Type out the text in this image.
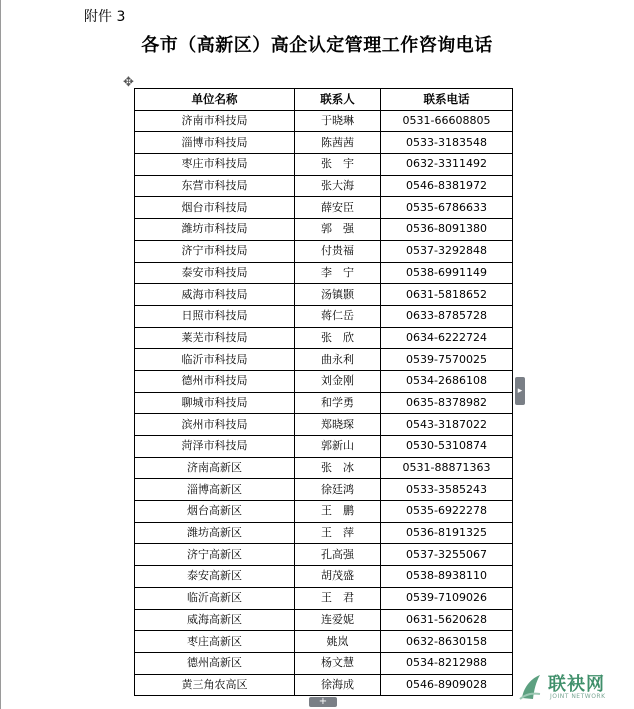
附件 3
各市（高新区）高企认定管理工作咨询电话
✥
单位名称	联系人	联系电话
济南市科技局	于晓琳	0531-66608805
淄博市科技局	陈茜茜	0533-3183548
枣庄市科技局	张　宇	0632-3311492
东营市科技局	张大海	0546-8381972
烟台市科技局	薛安臣	0535-6786633
潍坊市科技局	郭　强	0536-8091380
济宁市科技局	付贵福	0537-3292848
泰安市科技局	李　宁	0538-6991149
威海市科技局	汤镇颢	0631-5818652
日照市科技局	蒋仁岳	0633-8785728
莱芜市科技局	张　欣	0634-6222724
临沂市科技局	曲永利	0539-7570025
德州市科技局	刘金刚	0534-2686108
聊城市科技局	和学勇	0635-8378982
滨州市科技局	郑晓琛	0543-3187022
菏泽市科技局	郭新山	0530-5310874
济南高新区	张　冰	0531-88871363
淄博高新区	徐廷鸿	0533-3585243
烟台高新区	王　鹏	0535-6922278
潍坊高新区	王　萍	0536-8191325
济宁高新区	孔高强	0537-3255067
泰安高新区	胡茂盛	0538-8938110
临沂高新区	王　君	0539-7109026
威海高新区	连爱妮	0631-5620628
枣庄高新区	姚岚	0632-8630158
德州高新区	杨文慧	0534-8212988
黄三角农高区	徐海成	0546-8909028
▸
+
联袂网
JOINT NETWORK
